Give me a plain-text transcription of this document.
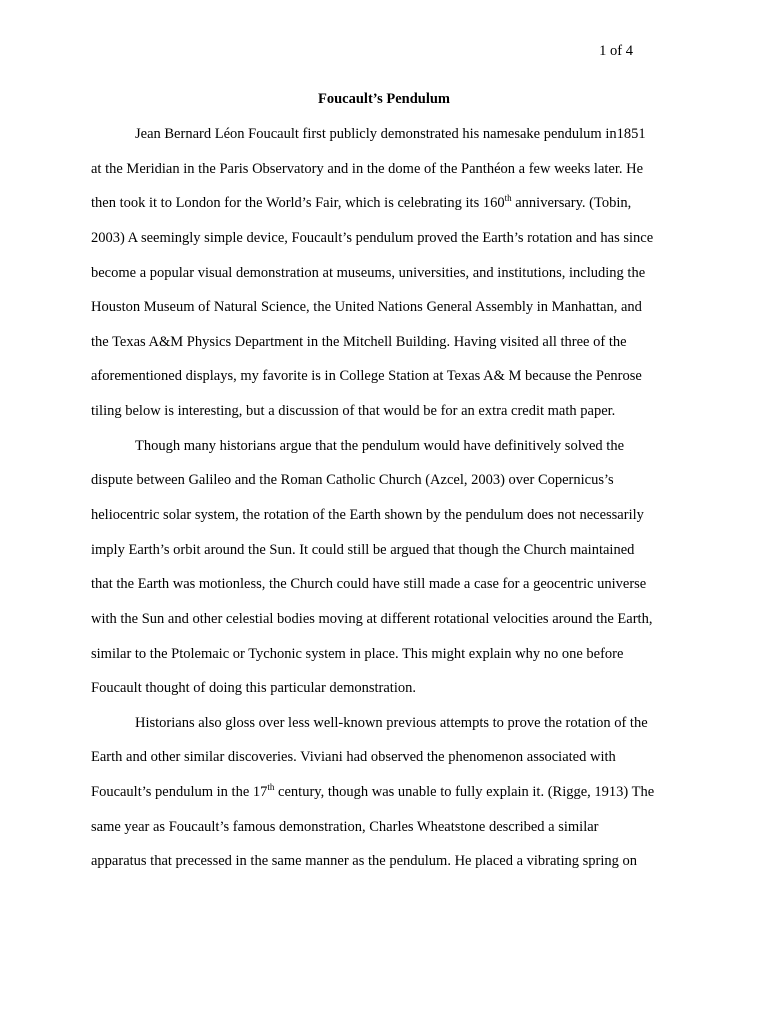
1 of 4
Foucault’s Pendulum
Jean Bernard Léon Foucault first publicly demonstrated his namesake pendulum in1851
at the Meridian in the Paris Observatory and in the dome of the Panthéon a few weeks later. He
then took it to London for the World’s Fair, which is celebrating its 160th anniversary. (Tobin,
2003) A seemingly simple device, Foucault’s pendulum proved the Earth’s rotation and has since
become a popular visual demonstration at museums, universities, and institutions, including the
Houston Museum of Natural Science, the United Nations General Assembly in Manhattan, and
the Texas A&M Physics Department in the Mitchell Building. Having visited all three of the
aforementioned displays, my favorite is in College Station at Texas A& M because the Penrose
tiling below is interesting, but a discussion of that would be for an extra credit math paper.
Though many historians argue that the pendulum would have definitively solved the
dispute between Galileo and the Roman Catholic Church (Azcel, 2003) over Copernicus’s
heliocentric solar system, the rotation of the Earth shown by the pendulum does not necessarily
imply Earth’s orbit around the Sun. It could still be argued that though the Church maintained
that the Earth was motionless, the Church could have still made a case for a geocentric universe
with the Sun and other celestial bodies moving at different rotational velocities around the Earth,
similar to the Ptolemaic or Tychonic system in place. This might explain why no one before
Foucault thought of doing this particular demonstration.
Historians also gloss over less well-known previous attempts to prove the rotation of the
Earth and other similar discoveries. Viviani had observed the phenomenon associated with
Foucault’s pendulum in the 17th century, though was unable to fully explain it. (Rigge, 1913) The
same year as Foucault’s famous demonstration, Charles Wheatstone described a similar
apparatus that precessed in the same manner as the pendulum. He placed a vibrating spring on
